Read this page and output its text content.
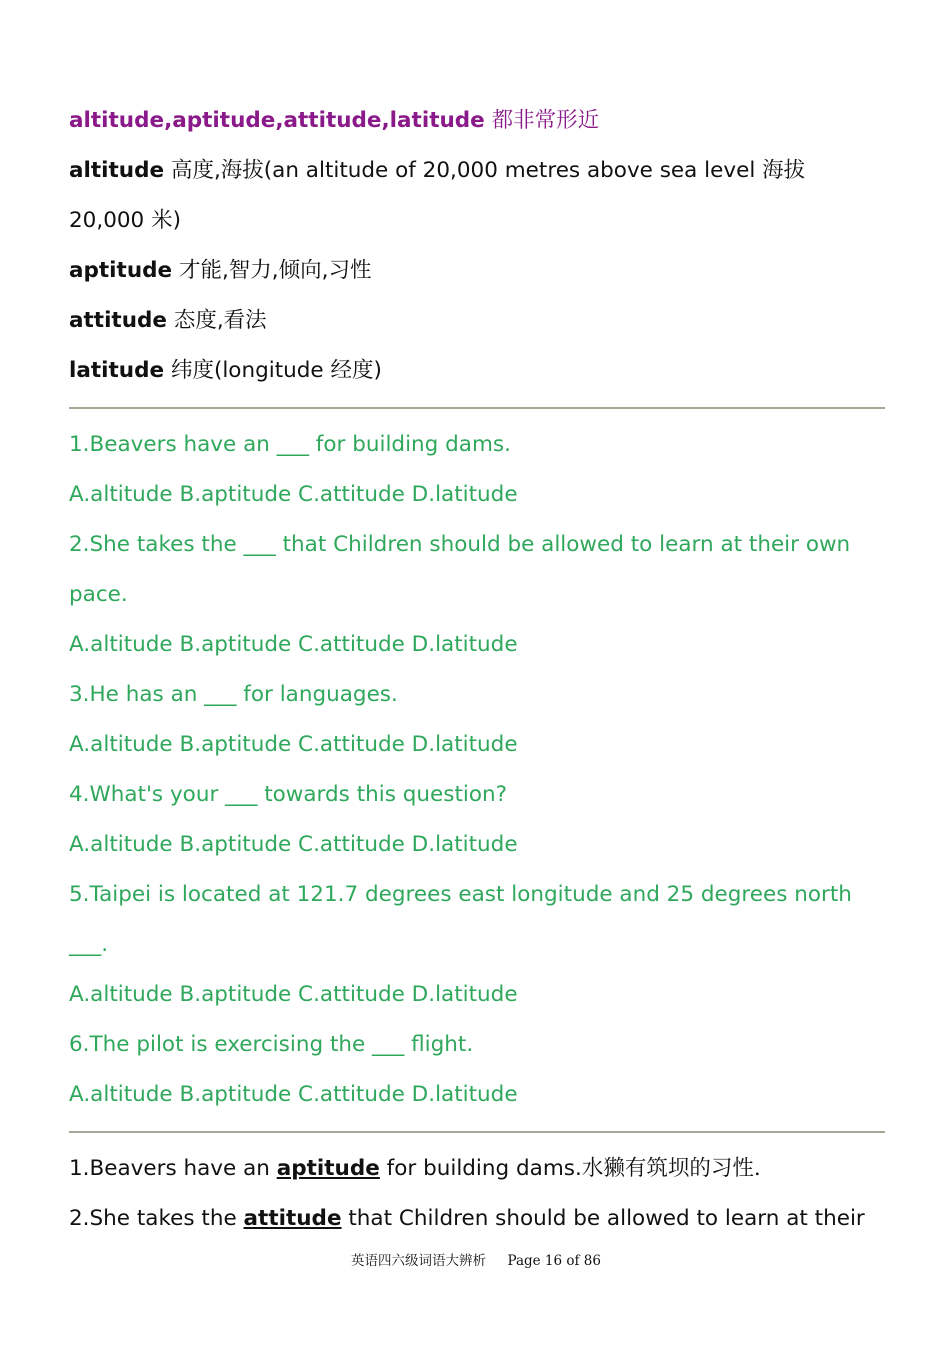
altitude,aptitude,attitude,latitude 都非常形近
altitude 高度,海拔(an altitude of 20,000 metres above sea level 海拔
20,000 米)
aptitude 才能,智力,倾向,习性
attitude 态度,看法
latitude 纬度(longitude 经度)
1.Beavers have an ___ for building dams.
A.altitude B.aptitude C.attitude D.latitude
2.She takes the ___ that Children should be allowed to learn at their own
pace.
A.altitude B.aptitude C.attitude D.latitude
3.He has an ___ for languages.
A.altitude B.aptitude C.attitude D.latitude
4.What's your ___ towards this question?
A.altitude B.aptitude C.attitude D.latitude
5.Taipei is located at 121.7 degrees east longitude and 25 degrees north
___.
A.altitude B.aptitude C.attitude D.latitude
6.The pilot is exercising the ___ flight.
A.altitude B.aptitude C.attitude D.latitude
1.Beavers have an aptitude for building dams.水獭有筑坝的习性.
2.She takes the attitude that Children should be allowed to learn at their
英语四六级词语大辨析 Page 16 of 86
